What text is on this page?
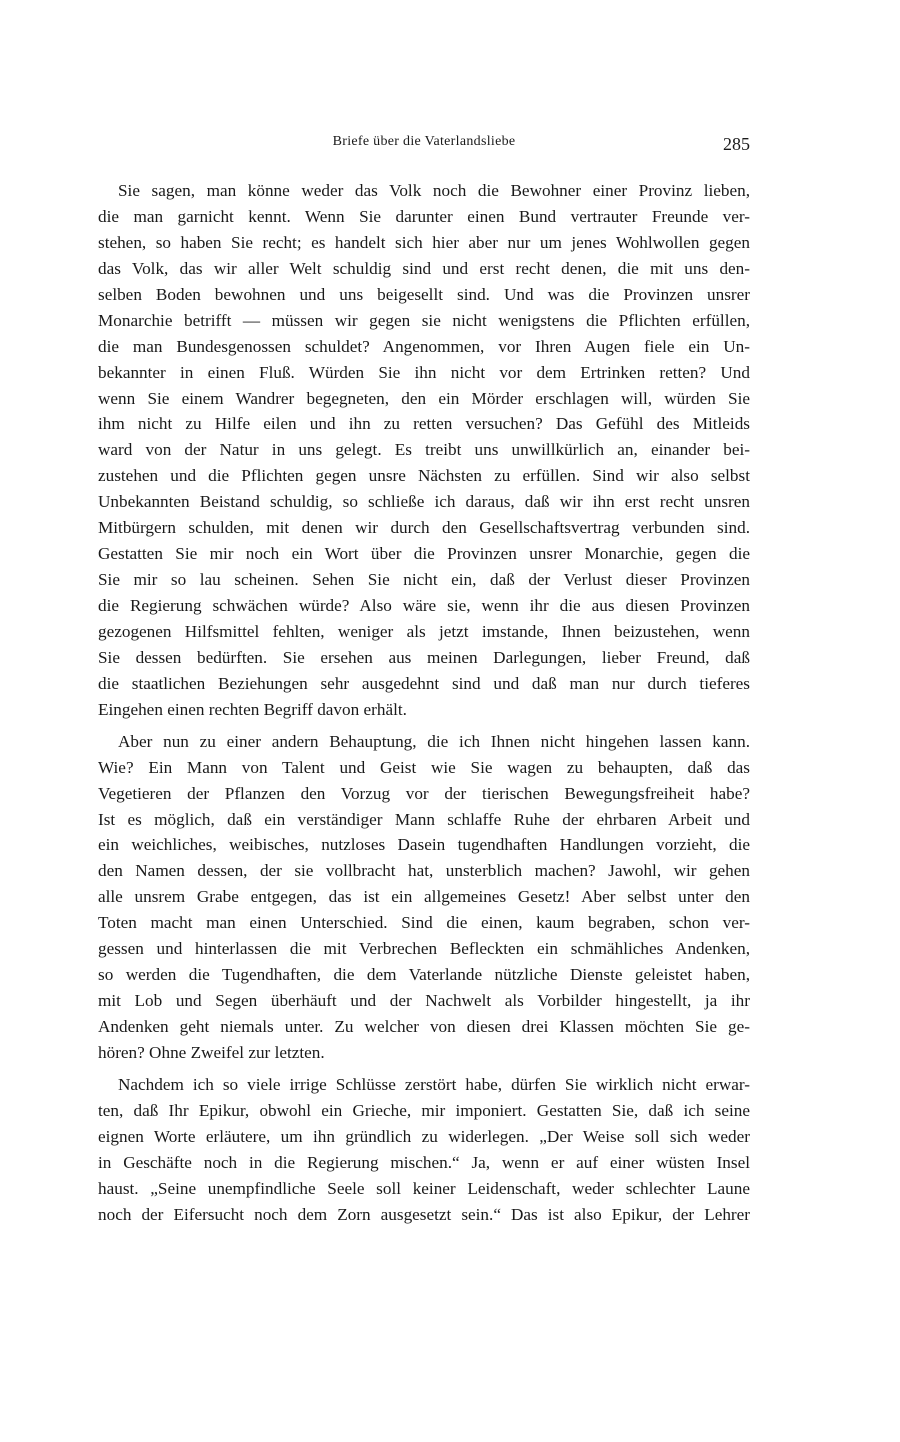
Briefe über die Vaterlandsliebe	285
Sie sagen, man könne weder das Volk noch die Bewohner einer Provinz lieben,
die man garnicht kennt. Wenn Sie darunter einen Bund vertrauter Freunde ver-
stehen, so haben Sie recht; es handelt sich hier aber nur um jenes Wohlwollen gegen
das Volk, das wir aller Welt schuldig sind und erst recht denen, die mit uns den-
selben Boden bewohnen und uns beigesellt sind. Und was die Provinzen unsrer
Monarchie betrifft — müssen wir gegen sie nicht wenigstens die Pflichten erfüllen,
die man Bundesgenossen schuldet? Angenommen, vor Ihren Augen fiele ein Un-
bekannter in einen Fluß. Würden Sie ihn nicht vor dem Ertrinken retten? Und
wenn Sie einem Wandrer begegneten, den ein Mörder erschlagen will, würden Sie
ihm nicht zu Hilfe eilen und ihn zu retten versuchen? Das Gefühl des Mitleids
ward von der Natur in uns gelegt. Es treibt uns unwillkürlich an, einander bei-
zustehen und die Pflichten gegen unsre Nächsten zu erfüllen. Sind wir also selbst
Unbekannten Beistand schuldig, so schließe ich daraus, daß wir ihn erst recht unsren
Mitbürgern schulden, mit denen wir durch den Gesellschaftsvertrag verbunden sind.
Gestatten Sie mir noch ein Wort über die Provinzen unsrer Monarchie, gegen die
Sie mir so lau scheinen. Sehen Sie nicht ein, daß der Verlust dieser Provinzen
die Regierung schwächen würde? Also wäre sie, wenn ihr die aus diesen Provinzen
gezogenen Hilfsmittel fehlten, weniger als jetzt imstande, Ihnen beizustehen, wenn
Sie dessen bedürften. Sie ersehen aus meinen Darlegungen, lieber Freund, daß
die staatlichen Beziehungen sehr ausgedehnt sind und daß man nur durch tieferes
Eingehen einen rechten Begriff davon erhält.
Aber nun zu einer andern Behauptung, die ich Ihnen nicht hingehen lassen kann.
Wie? Ein Mann von Talent und Geist wie Sie wagen zu behaupten, daß das
Vegetieren der Pflanzen den Vorzug vor der tierischen Bewegungsfreiheit habe?
Ist es möglich, daß ein verständiger Mann schlaffe Ruhe der ehrbaren Arbeit und
ein weichliches, weibisches, nutzloses Dasein tugendhaften Handlungen vorzieht, die
den Namen dessen, der sie vollbracht hat, unsterblich machen? Jawohl, wir gehen
alle unsrem Grabe entgegen, das ist ein allgemeines Gesetz! Aber selbst unter den
Toten macht man einen Unterschied. Sind die einen, kaum begraben, schon ver-
gessen und hinterlassen die mit Verbrechen Befleckten ein schmähliches Andenken,
so werden die Tugendhaften, die dem Vaterlande nützliche Dienste geleistet haben,
mit Lob und Segen überhäuft und der Nachwelt als Vorbilder hingestellt, ja ihr
Andenken geht niemals unter. Zu welcher von diesen drei Klassen möchten Sie ge-
hören? Ohne Zweifel zur letzten.
Nachdem ich so viele irrige Schlüsse zerstört habe, dürfen Sie wirklich nicht erwar-
ten, daß Ihr Epikur, obwohl ein Grieche, mir imponiert. Gestatten Sie, daß ich seine
eignen Worte erläutere, um ihn gründlich zu widerlegen. „Der Weise soll sich weder
in Geschäfte noch in die Regierung mischen.“ Ja, wenn er auf einer wüsten Insel
haust. „Seine unempfindliche Seele soll keiner Leidenschaft, weder schlechter Laune
noch der Eifersucht noch dem Zorn ausgesetzt sein.“ Das ist also Epikur, der Lehrer
